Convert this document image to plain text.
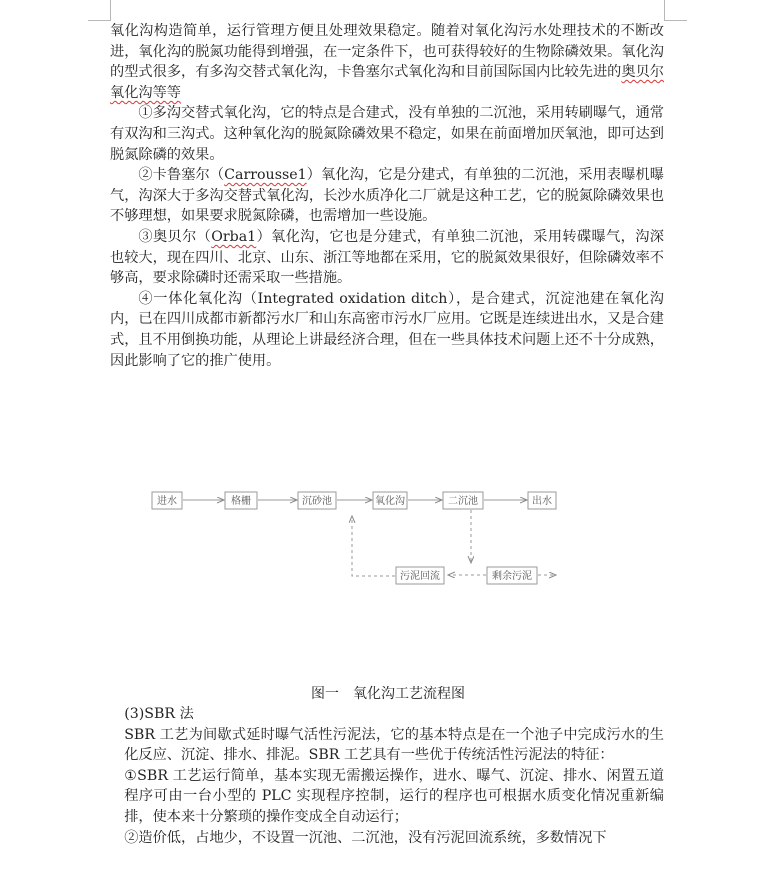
氧化沟构造简单，运行管理方便且处理效果稳定。随着对氧化沟污水处理技术的不断改进，氧化沟的脱氮功能得到增强，在一定条件下，也可获得较好的生物除磷效果。氧化沟的型式很多，有多沟交替式氧化沟，卡鲁塞尔式氧化沟和目前国际国内比较先进的奥贝尔氧化沟等等

①多沟交替式氧化沟，它的特点是合建式，没有单独的二沉池，采用转刷曝气，通常有双沟和三沟式。这种氧化沟的脱氮除磷效果不稳定，如果在前面增加厌氧池，即可达到脱氮除磷的效果。

②卡鲁塞尔（Carrousse1）氧化沟，它是分建式，有单独的二沉池，采用表曝机曝气，沟深大于多沟交替式氧化沟，长沙水质净化二厂就是这种工艺，它的脱氮除磷效果也不够理想，如果要求脱氮除磷，也需增加一些设施。

③奥贝尔（Orba1）氧化沟，它也是分建式，有单独二沉池，采用转碟曝气，沟深也较大，现在四川、北京、山东、浙江等地都在采用，它的脱氮效果很好，但除磷效率不够高，要求除磷时还需采取一些措施。

④一体化氧化沟（Integrated oxidation ditch），是合建式，沉淀池建在氧化沟内，已在四川成都市新都污水厂和山东高密市污水厂应用。它既是连续进出水，又是合建式，且不用倒换功能，从理论上讲最经济合理，但在一些具体技术问题上还不十分成熟，因此影响了它的推广使用。

进水	格栅	沉砂池	氧化沟	二沉池	出水
污泥回流	剩余污泥
图一　氧化沟工艺流程图

(3)SBR 法

SBR 工艺为间歇式延时曝气活性污泥法，它的基本特点是在一个池子中完成污水的生化反应、沉淀、排水、排泥。SBR 工艺具有一些优于传统活性污泥法的特征：

①SBR 工艺运行简单，基本实现无需搬运操作，进水、曝气、沉淀、排水、闲置五道程序可由一台小型的 PLC 实现程序控制，运行的程序也可根据水质变化情况重新编排，使本来十分繁琐的操作变成全自动运行；

②造价低，占地少，不设置一沉池、二沉池，没有污泥回流系统，多数情况下
